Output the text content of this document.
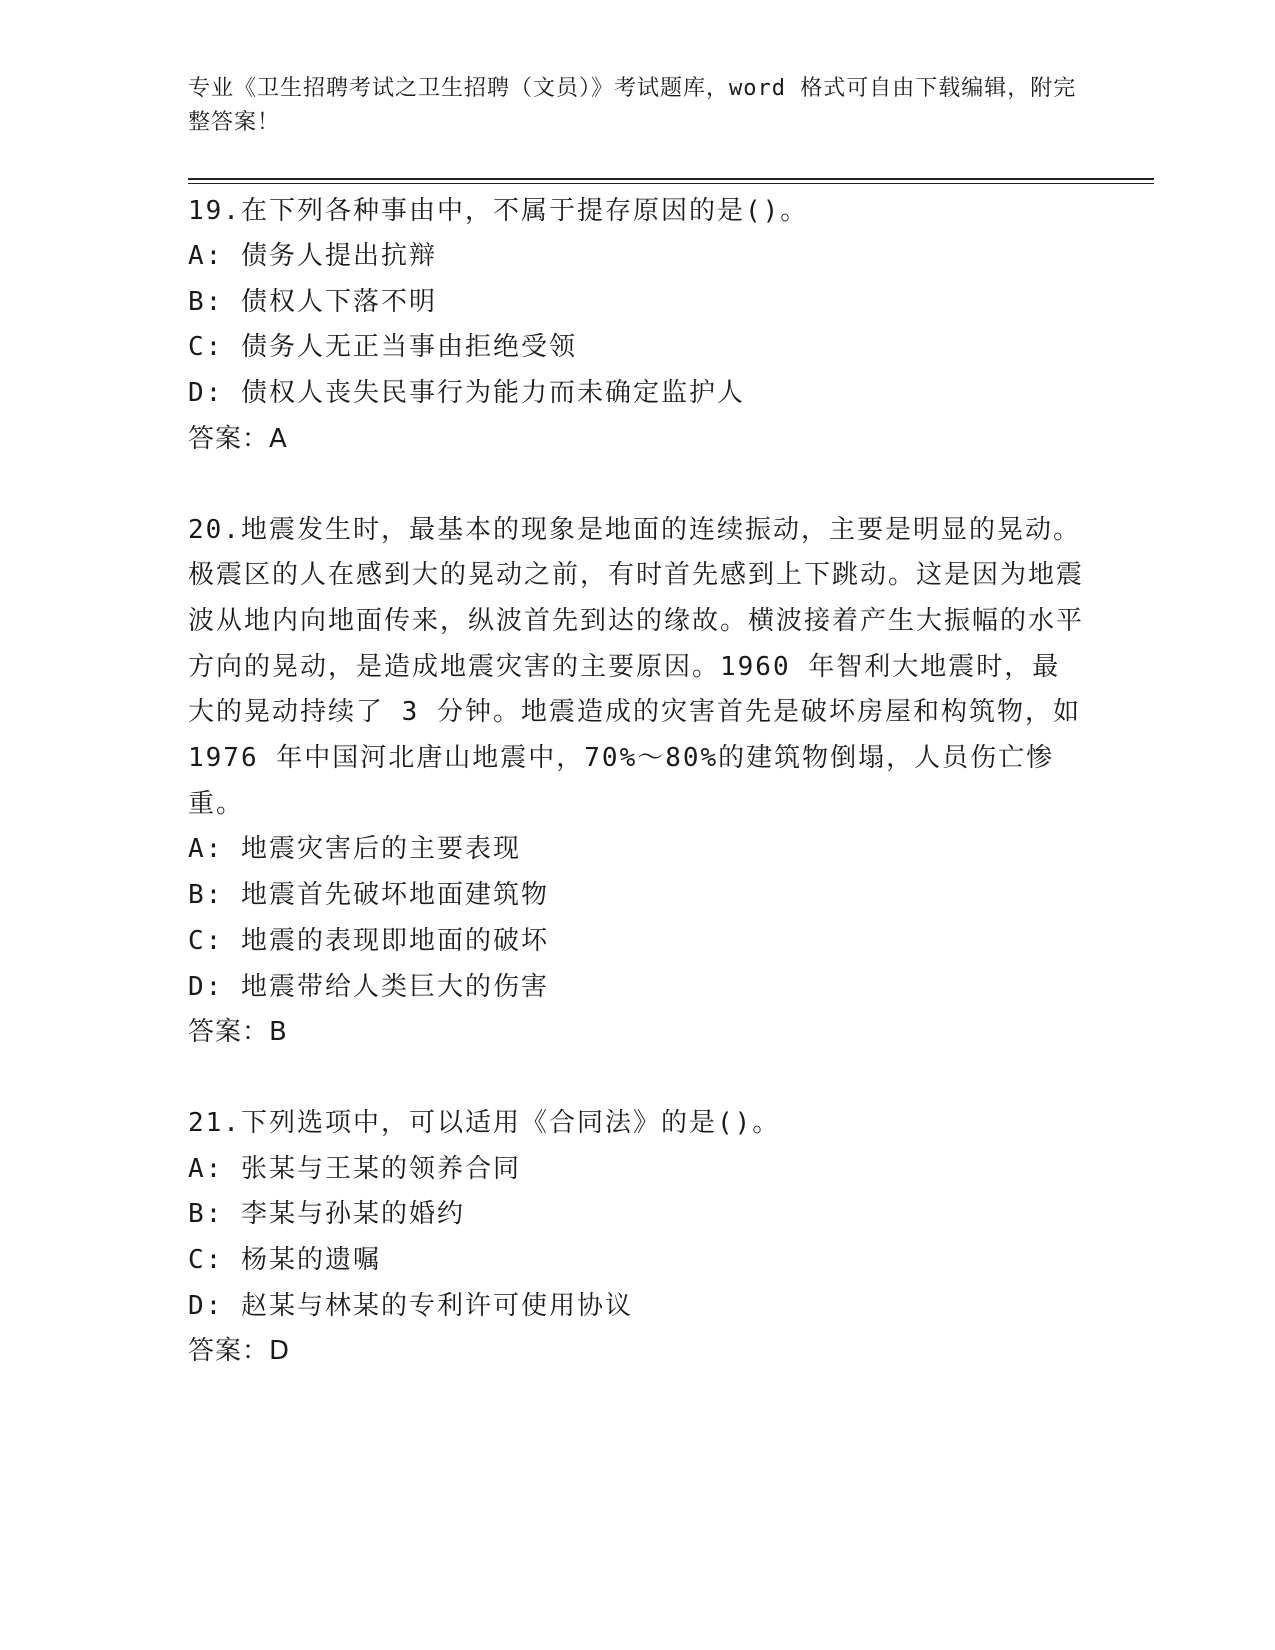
专业《卫生招聘考试之卫生招聘（文员）》考试题库，word 格式可自由下载编辑，附完整答案！

19.在下列各种事由中，不属于提存原因的是()。

A: 债务人提出抗辩

B: 债权人下落不明

C: 债务人无正当事由拒绝受领

D: 债权人丧失民事行为能力而未确定监护人

答案：A

20.地震发生时，最基本的现象是地面的连续振动，主要是明显的晃动。极震区的人在感到大的晃动之前，有时首先感到上下跳动。这是因为地震波从地内向地面传来，纵波首先到达的缘故。横波接着产生大振幅的水平方向的晃动，是造成地震灾害的主要原因。1960 年智利大地震时，最大的晃动持续了 3 分钟。地震造成的灾害首先是破坏房屋和构筑物，如 1976 年中国河北唐山地震中，70%～80%的建筑物倒塌，人员伤亡惨重。

A: 地震灾害后的主要表现

B: 地震首先破坏地面建筑物

C: 地震的表现即地面的破坏

D: 地震带给人类巨大的伤害

答案：B

21.下列选项中，可以适用《合同法》的是()。

A: 张某与王某的领养合同

B: 李某与孙某的婚约

C: 杨某的遗嘱

D: 赵某与林某的专利许可使用协议

答案：D
